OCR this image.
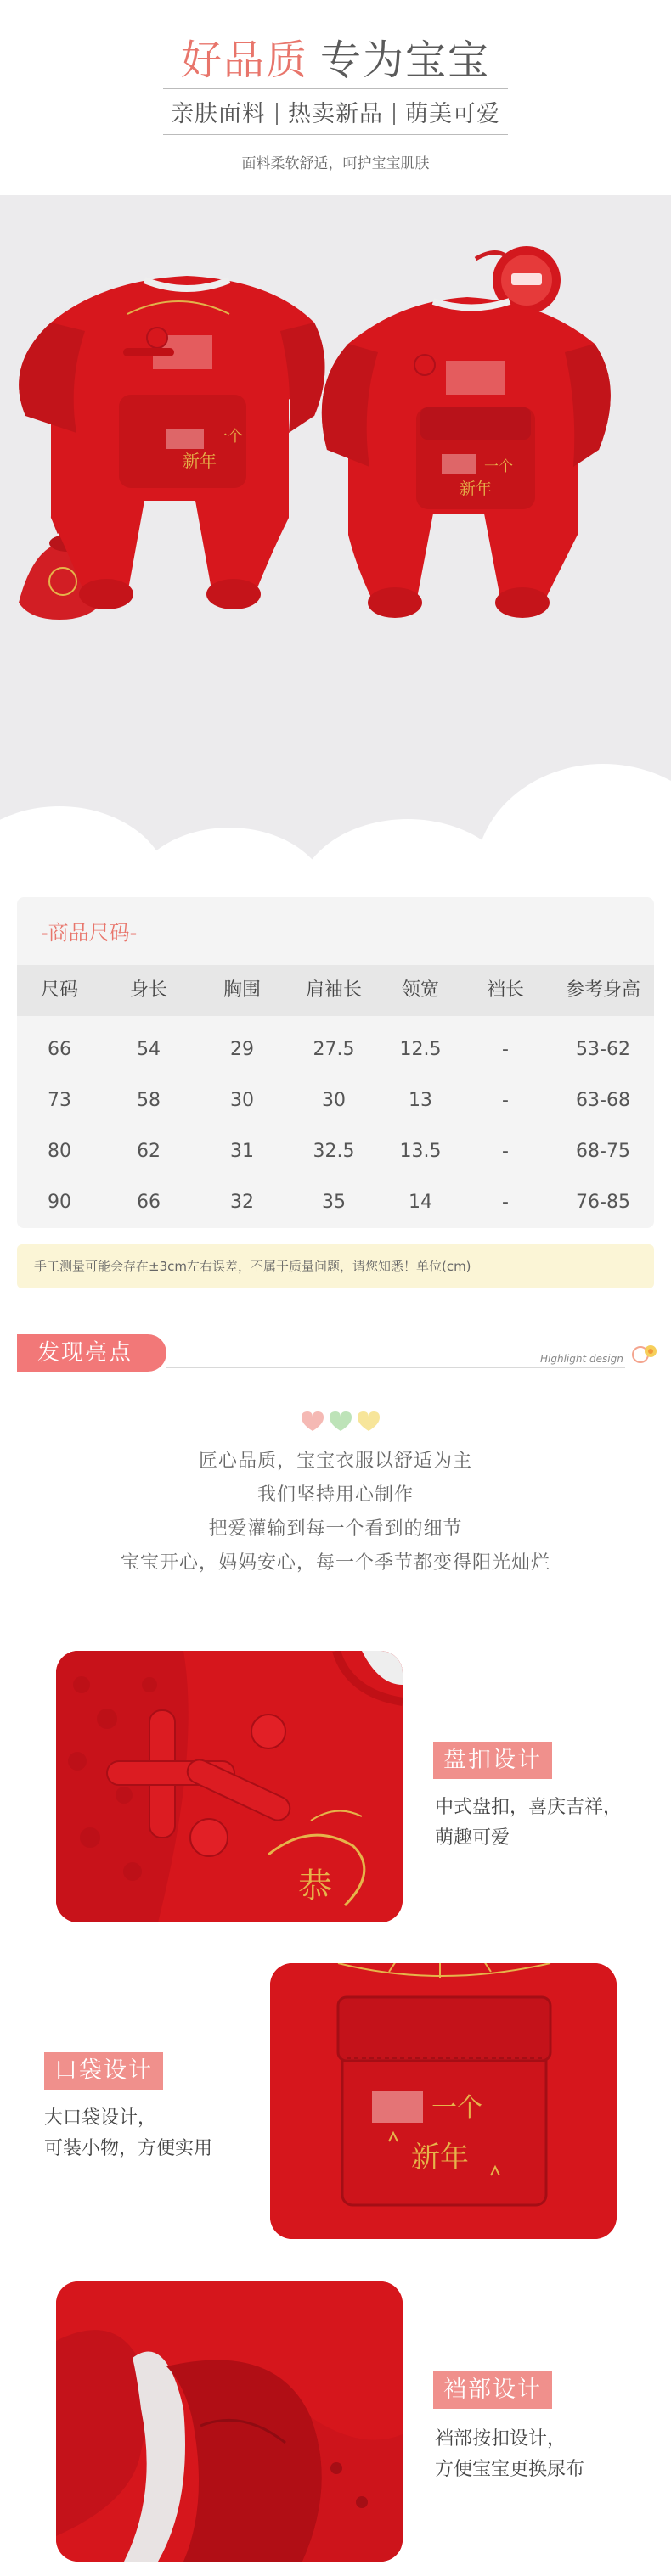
好品质 专为宝宝
亲肤面料 热卖新品 萌美可爱
面料柔软舒适，呵护宝宝肌肤
新年
一个
一个
新年
-商品尺码-
尺码	身长	胸围	肩袖长	领宽	裆长	参考身高
66	54	29	27.5	12.5	-	53-62
73	58	30	30	13	-	63-68
80	62	31	32.5	13.5	-	68-75
90	66	32	35	14	-	76-85
手工测量可能会存在±3cm左右误差，不属于质量问题，请您知悉！单位(cm)
发现亮点	Highlight design
匠心品质，宝宝衣服以舒适为主
我们坚持用心制作
把爱灌输到每一个看到的细节
宝宝开心，妈妈安心，每一个季节都变得阳光灿烂
恭
盘扣设计
中式盘扣，喜庆吉祥，
萌趣可爱
一个
新年
口袋设计
大口袋设计，
可装小物，方便实用
裆部设计
裆部按扣设计，
方便宝宝更换尿布
